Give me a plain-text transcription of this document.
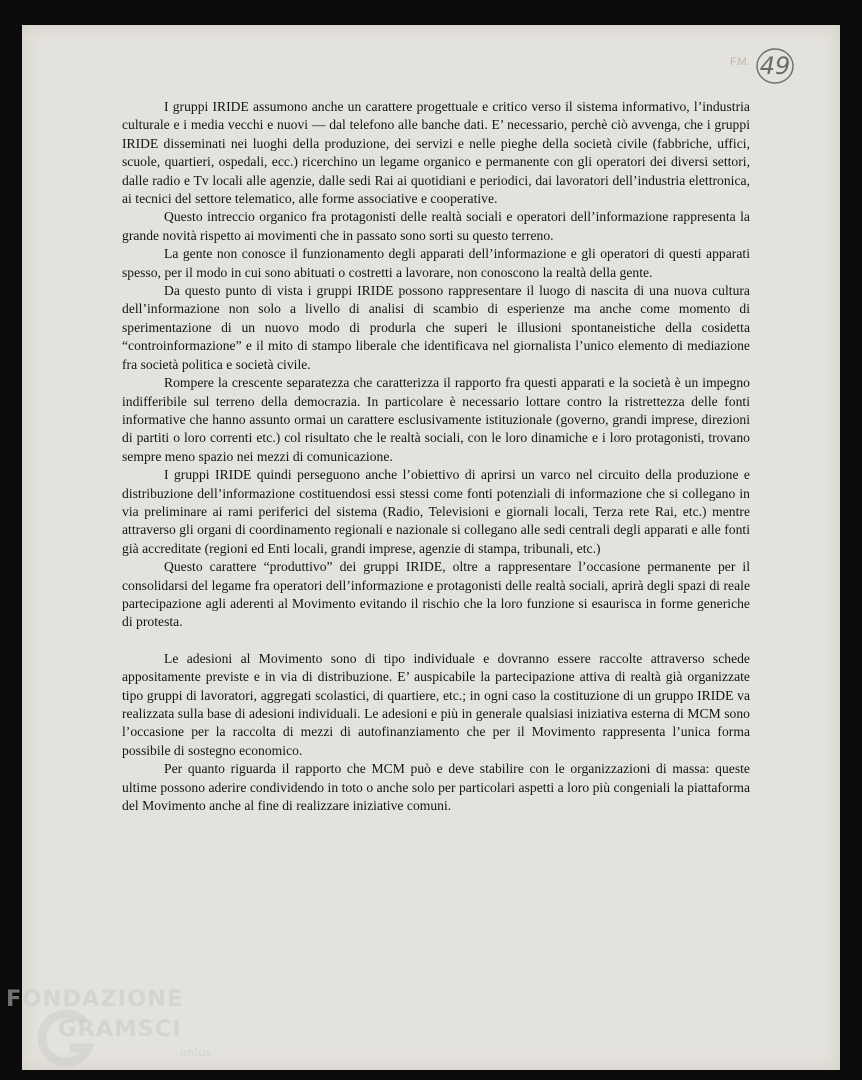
F.M. 49

I gruppi IRIDE assumono anche un carattere progettuale e critico verso il sistema informativo, l’industria culturale e i media vecchi e nuovi — dal telefono alle banche dati. E’ necessario, perchè ciò avvenga, che i gruppi IRIDE disseminati nei luoghi della produzione, dei servizi e nelle pieghe della società civile (fabbriche, uffici, scuole, quartieri, ospedali, ecc.) ricerchino un legame organico e permanente con gli operatori dei diversi settori, dalle radio e Tv locali alle agenzie, dalle sedi Rai ai quotidiani e periodici, dai lavoratori dell’industria elettronica, ai tecnici del settore telematico, alle forme associative e cooperative.

Questo intreccio organico fra protagonisti delle realtà sociali e operatori dell’informazione rappresenta la grande novità rispetto ai movimenti che in passato sono sorti su questo terreno.

La gente non conosce il funzionamento degli apparati dell’informazione e gli operatori di questi apparati spesso, per il modo in cui sono abituati o costretti a lavorare, non conoscono la realtà della gente.

Da questo punto di vista i gruppi IRIDE possono rappresentare il luogo di nascita di una nuova cultura dell’informazione non solo a livello di analisi di scambio di esperienze ma anche come momento di sperimentazione di un nuovo modo di produrla che superi le illusioni spontaneistiche della cosidetta “controinformazione” e il mito di stampo liberale che identificava nel giornalista l’unico elemento di mediazione fra società politica e società civile.

Rompere la crescente separatezza che caratterizza il rapporto fra questi apparati e la società è un impegno indifferibile sul terreno della democrazia. In particolare è necessario lottare contro la ristrettezza delle fonti informative che hanno assunto ormai un carattere esclusivamente istituzionale (governo, grandi imprese, direzioni di partiti o loro correnti etc.) col risultato che le realtà sociali, con le loro dinamiche e i loro protagonisti, trovano sempre meno spazio nei mezzi di comunicazione.

I gruppi IRIDE quindi perseguono anche l’obiettivo di aprirsi un varco nel circuito della produzione e distribuzione dell’informazione costituendosi essi stessi come fonti potenziali di informazione che si collegano in via preliminare ai rami periferici del sistema (Radio, Televisioni e giornali locali, Terza rete Rai, etc.) mentre attraverso gli organi di coordinamento regionali e nazionale si collegano alle sedi centrali degli apparati e alle fonti già accreditate (regioni ed Enti locali, grandi imprese, agenzie di stampa, tribunali, etc.)

Questo carattere “produttivo” dei gruppi IRIDE, oltre a rappresentare l’occasione permanente per il consolidarsi del legame fra operatori dell’informazione e protagonisti delle realtà sociali, aprirà degli spazi di reale partecipazione agli aderenti al Movimento evitando il rischio che la loro funzione si esaurisca in forme generiche di protesta.

Le adesioni al Movimento sono di tipo individuale e dovranno essere raccolte attraverso schede appositamente previste e in via di distribuzione. E’ auspicabile la partecipazione attiva di realtà già organizzate tipo gruppi di lavoratori, aggregati scolastici, di quartiere, etc.; in ogni caso la costituzione di un gruppo IRIDE va realizzata sulla base di adesioni individuali. Le adesioni e più in generale qualsiasi iniziativa esterna di MCM sono l’occasione per la raccolta di mezzi di autofinanziamento che per il Movimento rappresenta l’unica forma possibile di sostegno economico.

Per quanto riguarda il rapporto che MCM può e deve stabilire con le organizzazioni di massa: queste ultime possono aderire condividendo in toto o anche solo per particolari aspetti a loro più congeniali la piattaforma del Movimento anche al fine di realizzare iniziative comuni.

FONDAZIONE
GRAMSCI
onlus
